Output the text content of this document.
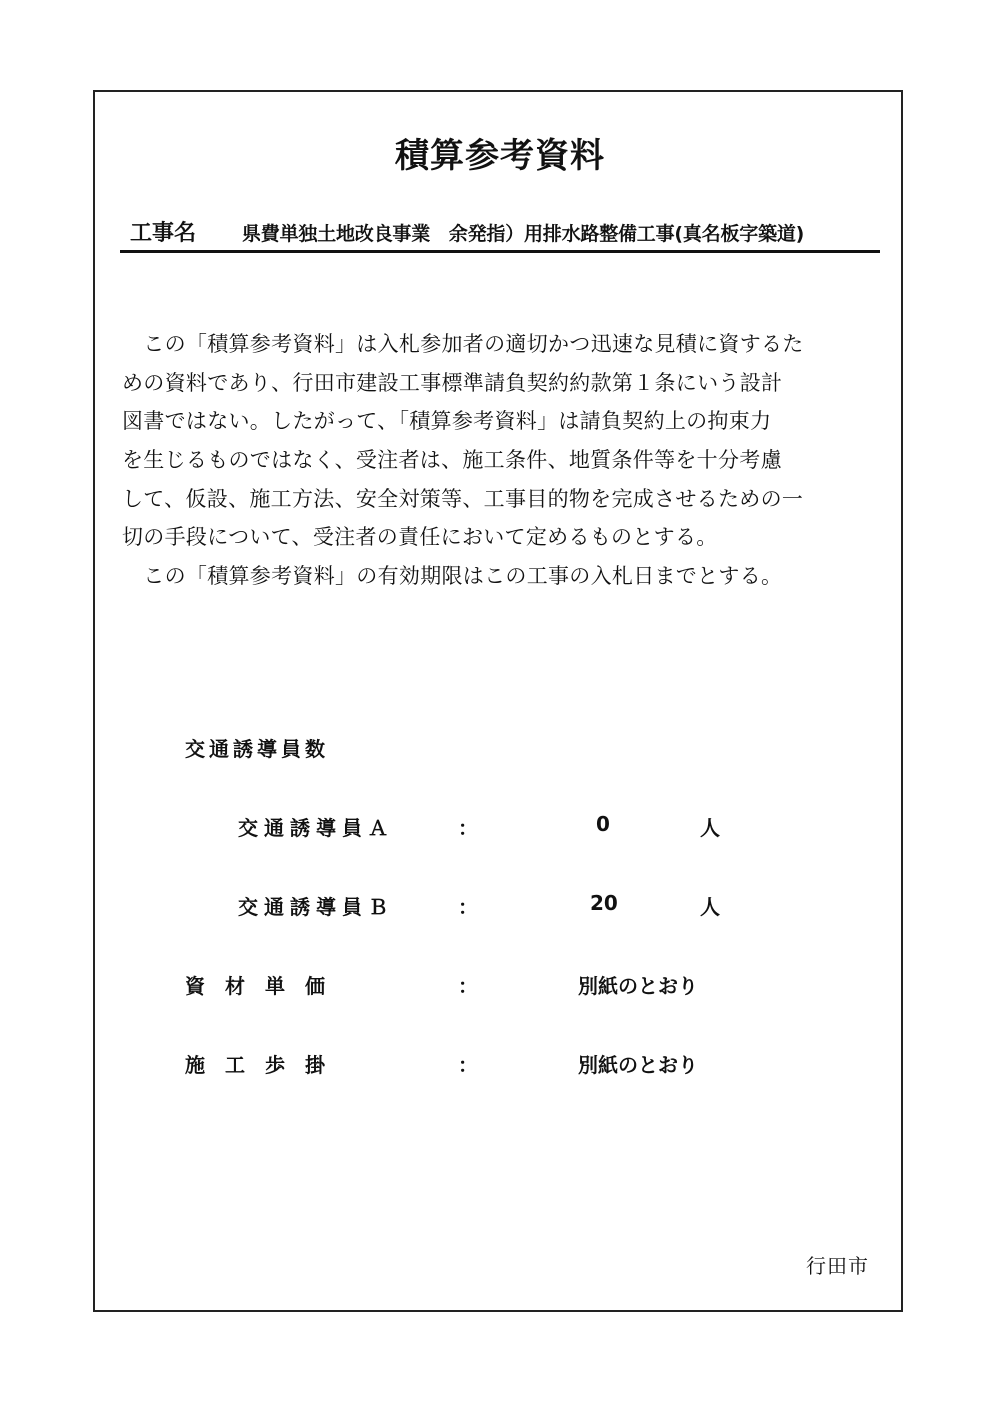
積算参考資料
工事名 県費単独土地改良事業　余発指）用排水路整備工事(真名板字築道)
　この「積算参考資料」は入札参加者の適切かつ迅速な見積に資するた
めの資料であり、行田市建設工事標準請負契約約款第１条にいう設計
図書ではない。したがって、「積算参考資料」は請負契約上の拘束力
を生じるものではなく、受注者は、施工条件、地質条件等を十分考慮
して、仮設、施工方法、安全対策等、工事目的物を完成させるための一
切の手段について、受注者の責任において定めるものとする。
　この「積算参考資料」の有効期限はこの工事の入札日までとする。
交通誘導員数
交通誘導員Ａ	：	0	人
交通誘導員Ｂ	：	20	人
資材単価	：	別紙のとおり
施工歩掛	：	別紙のとおり
行田市
